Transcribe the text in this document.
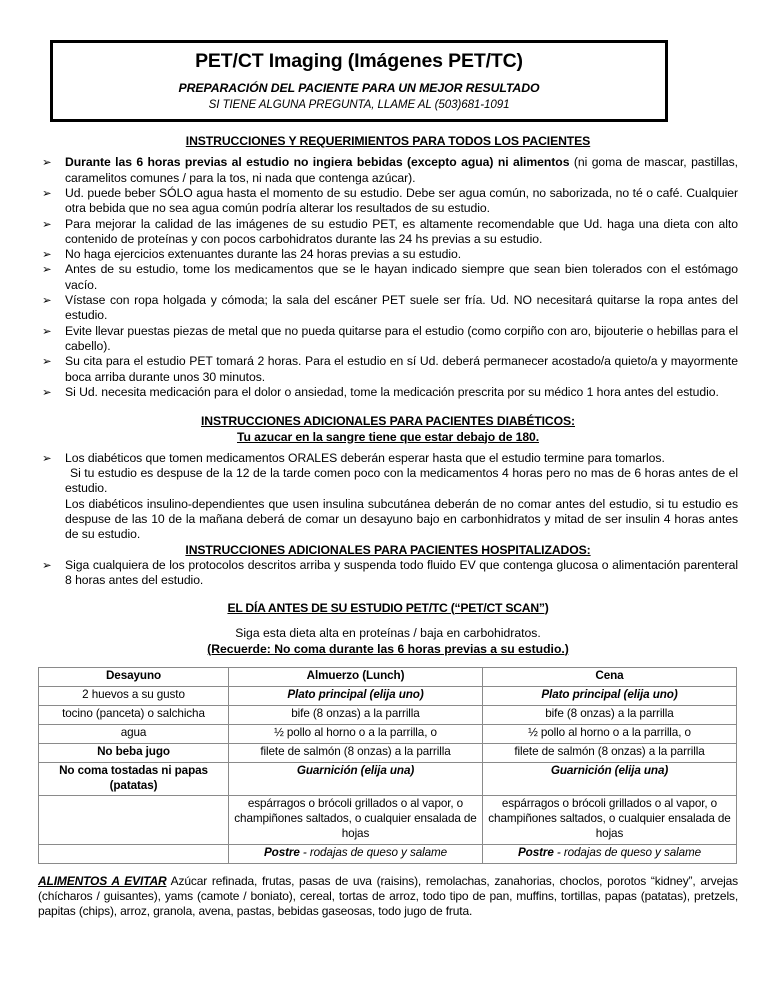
PET/CT Imaging (Imágenes PET/TC)
PREPARACIÓN DEL PACIENTE PARA UN MEJOR RESULTADO
SI TIENE ALGUNA PREGUNTA, LLAME AL (503)681-1091
INSTRUCCIONES Y REQUERIMIENTOS PARA TODOS LOS PACIENTES
➢ Durante las 6 horas previas al estudio no ingiera bebidas (excepto agua) ni alimentos (ni goma de mascar, pastillas, caramelitos comunes / para la tos, ni nada que contenga azúcar).
➢ Ud. puede beber SÓLO agua hasta el momento de su estudio. Debe ser agua común, no saborizada, no té o café. Cualquier otra bebida que no sea agua común podría alterar los resultados de su estudio.
➢ Para mejorar la calidad de las imágenes de su estudio PET, es altamente recomendable que Ud. haga una dieta con alto contenido de proteínas y con pocos carbohidratos durante las 24 hs previas a su estudio.
➢ No haga ejercicios extenuantes durante las 24 horas previas a su estudio.
➢ Antes de su estudio, tome los medicamentos que se le hayan indicado siempre que sean bien tolerados con el estómago vacío.
➢ Vístase con ropa holgada y cómoda; la sala del escáner PET suele ser fría. Ud. NO necesitará quitarse la ropa antes del estudio.
➢ Evite llevar puestas piezas de metal que no pueda quitarse para el estudio (como corpiño con aro, bijouterie o hebillas para el cabello).
➢ Su cita para el estudio PET tomará 2 horas. Para el estudio en sí Ud. deberá permanecer acostado/a quieto/a y mayormente boca arriba durante unos 30 minutos.
➢ Si Ud. necesita medicación para el dolor o ansiedad, tome la medicación prescrita por su médico 1 hora antes del estudio.
INSTRUCCIONES ADICIONALES PARA PACIENTES DIABÉTICOS:
Tu azucar en la sangre tiene que estar debajo de 180.
➢ Los diabéticos que tomen medicamentos ORALES deberán esperar hasta que el estudio termine para tomarlos.
Si tu estudio es despuse de la 12 de la tarde comen poco con la medicamentos 4 horas pero no mas de 6 horas antes de el estudio.
Los diabéticos insulino-dependientes que usen insulina subcutánea deberán de no comar antes del estudio, si tu estudio es despuse de las 10 de la mañana deberá de comar un desayuno bajo en carbonhidratos y mitad de ser insulin 4 horas antes de su estudio.
INSTRUCCIONES ADICIONALES PARA PACIENTES HOSPITALIZADOS:
➢ Siga cualquiera de los protocolos descritos arriba y suspenda todo fluido EV que contenga glucosa o alimentación parenteral 8 horas antes del estudio.
EL DÍA ANTES DE SU ESTUDIO PET/TC (“PET/CT SCAN”)
Siga esta dieta alta en proteínas / baja en carbohidratos.
(Recuerde: No coma durante las 6 horas previas a su estudio.)
Desayuno	Almuerzo (Lunch)	Cena
2 huevos a su gusto	Plato principal (elija uno)	Plato principal (elija uno)
tocino (panceta) o salchicha	bife (8 onzas) a la parrilla	bife (8 onzas) a la parrilla
agua	½ pollo al horno o a la parrilla, o	½ pollo al horno o a la parrilla, o
No beba jugo	filete de salmón (8 onzas) a la parrilla	filete de salmón (8 onzas) a la parrilla
No coma tostadas ni papas (patatas)	Guarnición (elija una)	Guarnición (elija una)
	espárragos o brócoli grillados o al vapor, o champiñones saltados, o cualquier ensalada de hojas	espárragos o brócoli grillados o al vapor, o champiñones saltados, o cualquier ensalada de hojas
	Postre - rodajas de queso y salame	Postre - rodajas de queso y salame
ALIMENTOS A EVITAR Azúcar refinada, frutas, pasas de uva (raisins), remolachas, zanahorias, choclos, porotos “kidney”, arvejas (chícharos / guisantes), yams (camote / boniato), cereal, tortas de arroz, todo tipo de pan, muffins, tortillas, papas (patatas), pretzels, papitas (chips), arroz, granola, avena, pastas, bebidas gaseosas, todo jugo de fruta.
